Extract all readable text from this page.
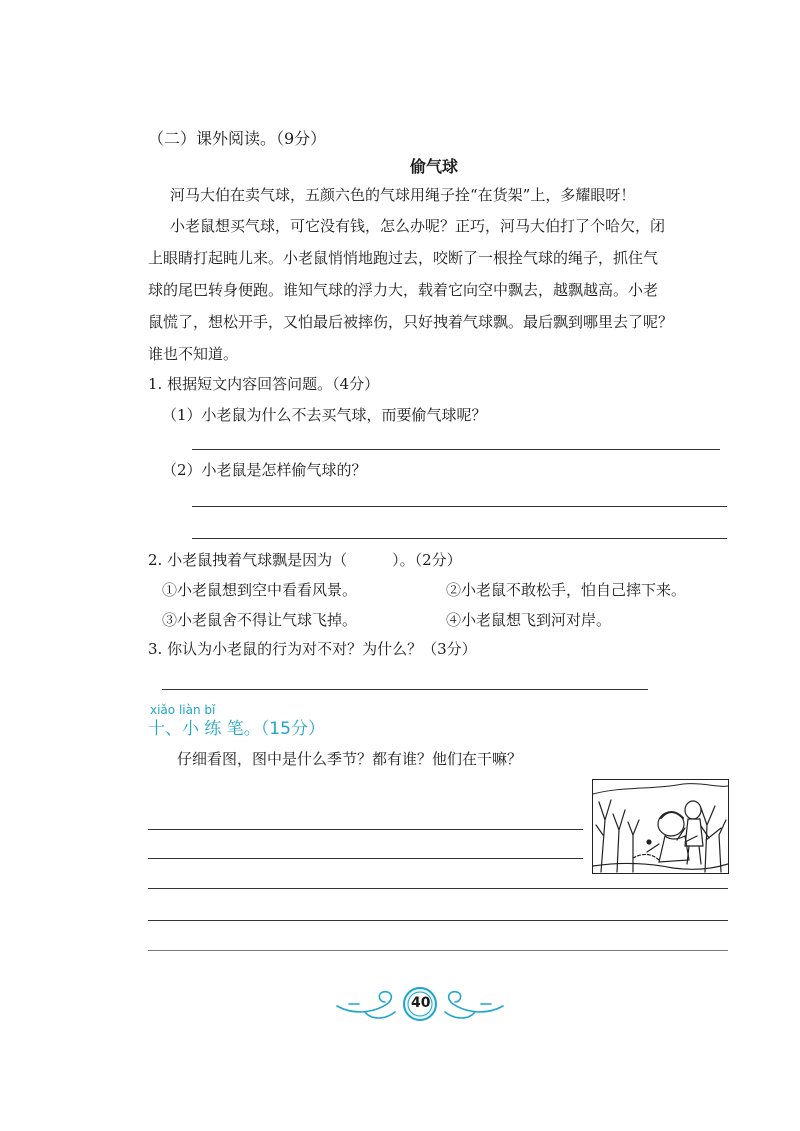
（二）课外阅读。（9分）
偷气球
河马大伯在卖气球，五颜六色的气球用绳子拴“在货架”上，多耀眼呀！
小老鼠想买气球，可它没有钱，怎么办呢？正巧，河马大伯打了个哈欠，闭
上眼睛打起盹儿来。小老鼠悄悄地跑过去，咬断了一根拴气球的绳子，抓住气
球的尾巴转身便跑。谁知气球的浮力大，载着它向空中飘去，越飘越高。小老
鼠慌了，想松开手，又怕最后被摔伤，只好拽着气球飘。最后飘到哪里去了呢？
谁也不知道。
1. 根据短文内容回答问题。（4分）
（1）小老鼠为什么不去买气球，而要偷气球呢？
（2）小老鼠是怎样偷气球的？
2. 小老鼠拽着气球飘是因为（　　　）。（2分）
①小老鼠想到空中看看风景。	②小老鼠不敢松手，怕自己摔下来。
③小老鼠舍不得让气球飞掉。	④小老鼠想飞到河对岸。
3. 你认为小老鼠的行为对不对？为什么？（3分）
xiǎo liàn bǐ
十、小 练 笔。（15分）
仔细看图，图中是什么季节？都有谁？他们在干嘛？
40
